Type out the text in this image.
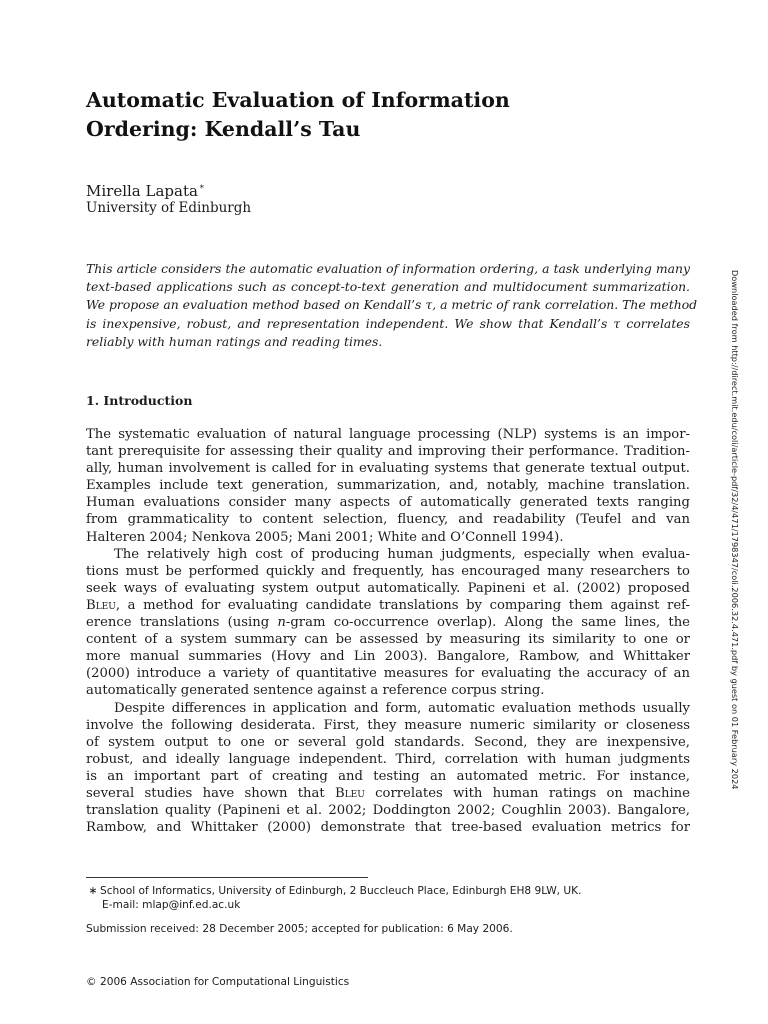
Automatic Evaluation of Information
Ordering: Kendall’s Tau

Mirella Lapata∗

University of Edinburgh

This article considers the automatic evaluation of information ordering, a task underlying many
text-based applications such as concept-to-text generation and multidocument summarization.
We propose an evaluation method based on Kendall’s τ, a metric of rank correlation. The method
is inexpensive, robust, and representation independent. We show that Kendall’s τ correlates
reliably with human ratings and reading times.

1. Introduction
The systematic evaluation of natural language processing (NLP) systems is an impor-
tant prerequisite for assessing their quality and improving their performance. Tradition-
ally, human involvement is called for in evaluating systems that generate textual output.
Examples include text generation, summarization, and, notably, machine translation.
Human evaluations consider many aspects of automatically generated texts ranging
from grammaticality to content selection, fluency, and readability (Teufel and van
Halteren 2004; Nenkova 2005; Mani 2001; White and O’Connell 1994).
The relatively high cost of producing human judgments, especially when evalua-
tions must be performed quickly and frequently, has encouraged many researchers to
seek ways of evaluating system output automatically. Papineni et al. (2002) proposed
Bleu, a method for evaluating candidate translations by comparing them against ref-
erence translations (using n-gram co-occurrence overlap). Along the same lines, the
content of a system summary can be assessed by measuring its similarity to one or
more manual summaries (Hovy and Lin 2003). Bangalore, Rambow, and Whittaker
(2000) introduce a variety of quantitative measures for evaluating the accuracy of an
automatically generated sentence against a reference corpus string.
Despite differences in application and form, automatic evaluation methods usually
involve the following desiderata. First, they measure numeric similarity or closeness
of system output to one or several gold standards. Second, they are inexpensive,
robust, and ideally language independent. Third, correlation with human judgments
is an important part of creating and testing an automated metric. For instance,
several studies have shown that Bleu correlates with human ratings on machine
translation quality (Papineni et al. 2002; Doddington 2002; Coughlin 2003). Bangalore,
Rambow, and Whittaker (2000) demonstrate that tree-based evaluation metrics for

∗ School of Informatics, University of Edinburgh, 2 Buccleuch Place, Edinburgh EH8 9LW, UK.
E-mail: mlap@inf.ed.ac.uk

Submission received: 28 December 2005; accepted for publication: 6 May 2006.

© 2006 Association for Computational Linguistics

Downloaded from http://direct.mit.edu/coli/article-pdf/32/4/471/1798347/coli.2006.32.4.471.pdf by guest on 01 February 2024
